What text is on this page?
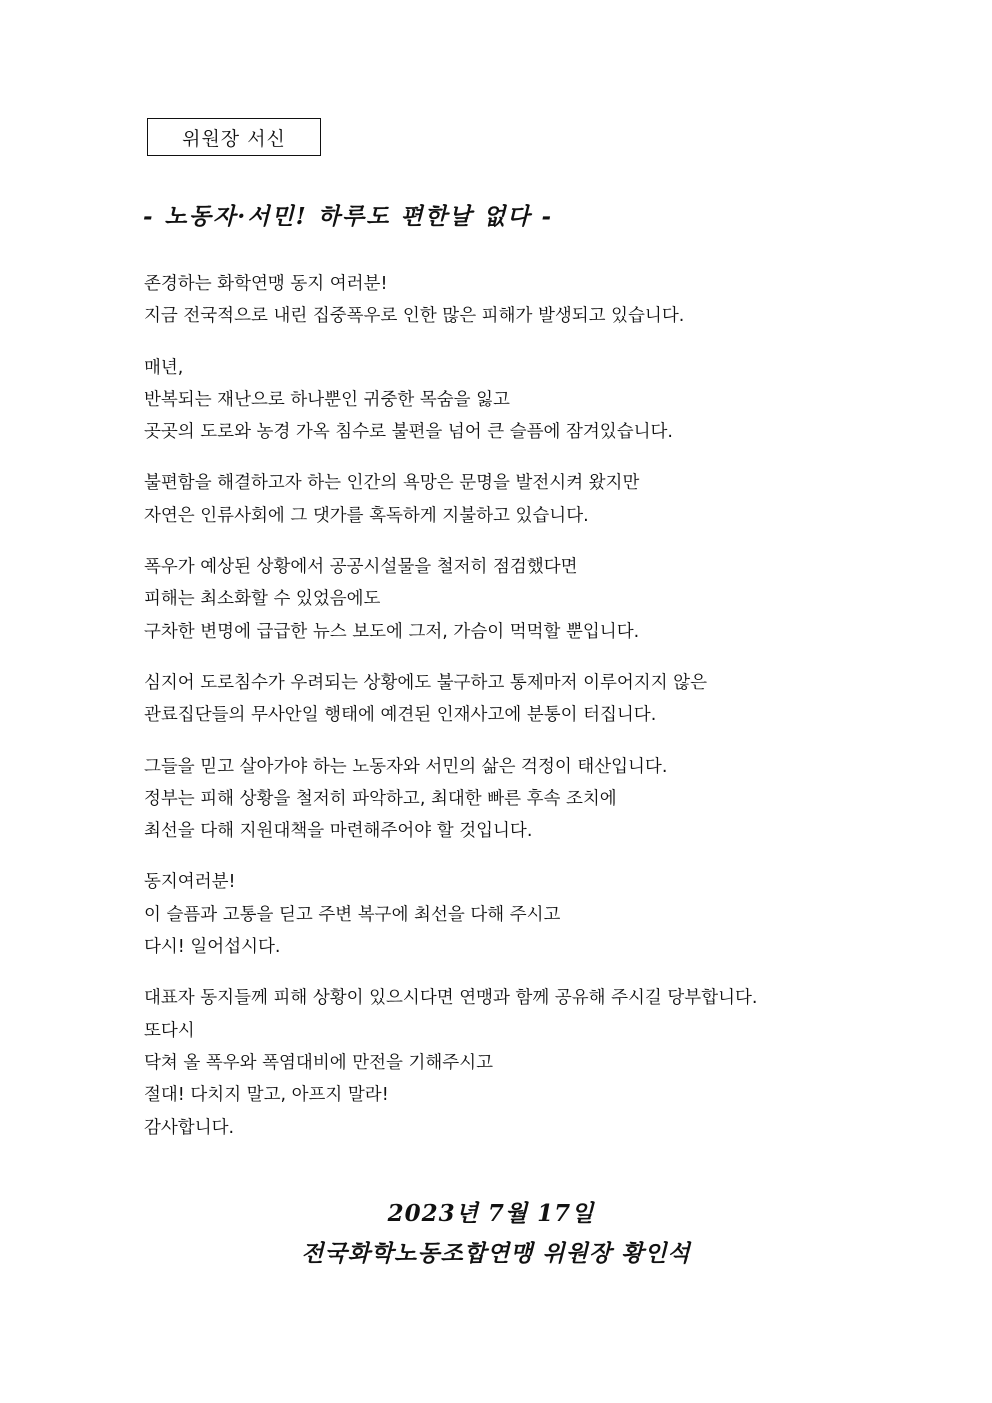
위원장 서신
- 노동자·서민! 하루도 편한날 없다 -
존경하는 화학연맹 동지 여러분!
지금 전국적으로 내린 집중폭우로 인한 많은 피해가 발생되고 있습니다.
매년,
반복되는 재난으로 하나뿐인 귀중한 목숨을 잃고
곳곳의 도로와 농경 가옥 침수로 불편을 넘어 큰 슬픔에 잠겨있습니다.
불편함을 해결하고자 하는 인간의 욕망은 문명을 발전시켜 왔지만
자연은 인류사회에 그 댓가를 혹독하게 지불하고 있습니다.
폭우가 예상된 상황에서 공공시설물을 철저히 점검했다면
피해는 최소화할 수 있었음에도
구차한 변명에 급급한 뉴스 보도에 그저, 가슴이 먹먹할 뿐입니다.
심지어 도로침수가 우려되는 상황에도 불구하고 통제마저 이루어지지 않은
관료집단들의 무사안일 행태에 예견된 인재사고에 분통이 터집니다.
그들을 믿고 살아가야 하는 노동자와 서민의 삶은 걱정이 태산입니다.
정부는 피해 상황을 철저히 파악하고, 최대한 빠른 후속 조치에
최선을 다해 지원대책을 마련해주어야 할 것입니다.
동지여러분!
이 슬픔과 고통을 딛고 주변 복구에 최선을 다해 주시고
다시! 일어섭시다.
대표자 동지들께 피해 상황이 있으시다면 연맹과 함께 공유해 주시길 당부합니다.
또다시
닥쳐 올 폭우와 폭염대비에 만전을 기해주시고
절대! 다치지 말고, 아프지 말라!
감사합니다.
2023년 7월 17일
전국화학노동조합연맹 위원장 황인석
